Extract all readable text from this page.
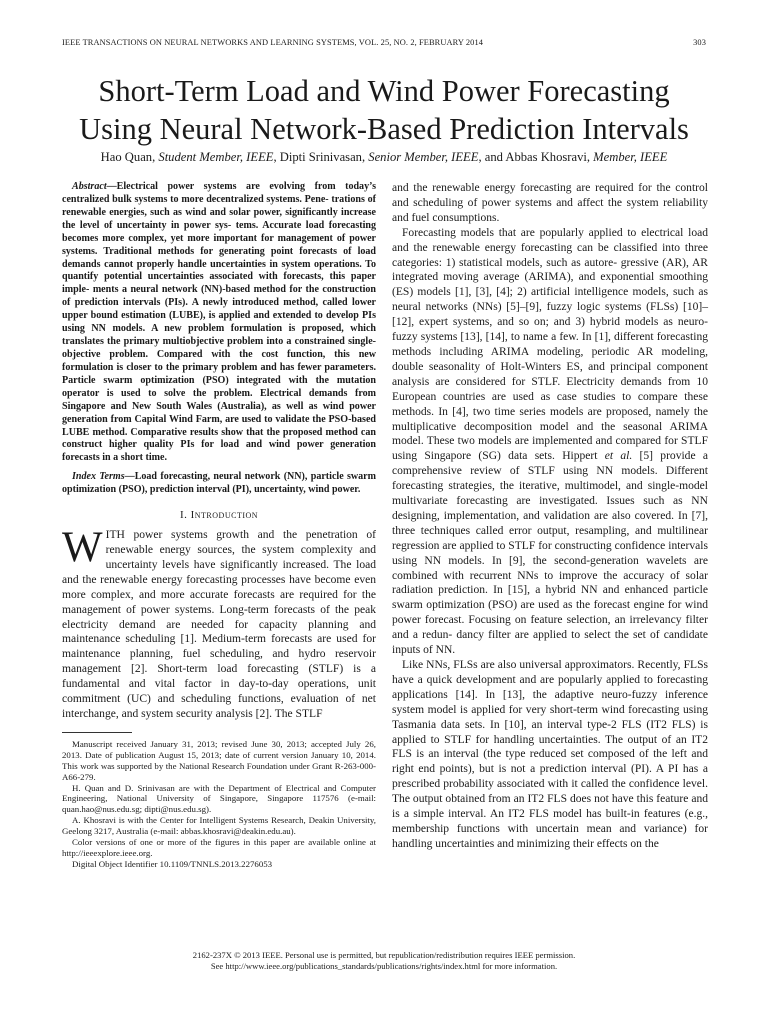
IEEE TRANSACTIONS ON NEURAL NETWORKS AND LEARNING SYSTEMS, VOL. 25, NO. 2, FEBRUARY 2014	303
Short-Term Load and Wind Power Forecasting
Using Neural Network-Based Prediction Intervals
Hao Quan, Student Member, IEEE, Dipti Srinivasan, Senior Member, IEEE, and Abbas Khosravi, Member, IEEE

Abstract—Electrical power systems are evolving from today’s centralized bulk systems to more decentralized systems. Pene- trations of renewable energies, such as wind and solar power, significantly increase the level of uncertainty in power sys- tems. Accurate load forecasting becomes more complex, yet more important for management of power systems. Traditional methods for generating point forecasts of load demands cannot properly handle uncertainties in system operations. To quantify potential uncertainties associated with forecasts, this paper imple- ments a neural network (NN)-based method for the construction of prediction intervals (PIs). A newly introduced method, called lower upper bound estimation (LUBE), is applied and extended to develop PIs using NN models. A new problem formulation is proposed, which translates the primary multiobjective problem into a constrained single-objective problem. Compared with the cost function, this new formulation is closer to the primary problem and has fewer parameters. Particle swarm optimization (PSO) integrated with the mutation operator is used to solve the problem. Electrical demands from Singapore and New South Wales (Australia), as well as wind power generation from Capital Wind Farm, are used to validate the PSO-based LUBE method. Comparative results show that the proposed method can construct higher quality PIs for load and wind power generation forecasts in a short time.

Index Terms—Load forecasting, neural network (NN), particle swarm optimization (PSO), prediction interval (PI), uncertainty, wind power.

I. Introduction

WITH power systems growth and the penetration of renewable energy sources, the system complexity and uncertainty levels have significantly increased. The load and the renewable energy forecasting processes have become even more complex, and more accurate forecasts are required for the management of power systems. Long-term forecasts of the peak electricity demand are needed for capacity planning and maintenance scheduling [1]. Medium-term forecasts are used for maintenance planning, fuel scheduling, and hydro reservoir management [2]. Short-term load forecasting (STLF) is a fundamental and vital factor in day-to-day operations, unit commitment (UC) and scheduling functions, evaluation of net interchange, and system security analysis [2]. The STLF

Manuscript received January 31, 2013; revised June 30, 2013; accepted July 26, 2013. Date of publication August 15, 2013; date of current version January 10, 2014. This work was supported by the National Research Foundation under Grant R-263-000-A66-279.

H. Quan and D. Srinivasan are with the Department of Electrical and Computer Engineering, National University of Singapore, Singapore 117576 (e-mail: quan.hao@nus.edu.sg; dipti@nus.edu.sg).

A. Khosravi is with the Center for Intelligent Systems Research, Deakin University, Geelong 3217, Australia (e-mail: abbas.khosravi@deakin.edu.au).

Color versions of one or more of the figures in this paper are available online at http://ieeexplore.ieee.org.

Digital Object Identifier 10.1109/TNNLS.2013.2276053

and the renewable energy forecasting are required for the control and scheduling of power systems and affect the system reliability and fuel consumptions.

Forecasting models that are popularly applied to electrical load and the renewable energy forecasting can be classified into three categories: 1) statistical models, such as autore- gressive (AR), AR integrated moving average (ARIMA), and exponential smoothing (ES) models [1], [3], [4]; 2) artificial intelligence models, such as neural networks (NNs) [5]–[9], fuzzy logic systems (FLSs) [10]–[12], expert systems, and so on; and 3) hybrid models as neuro-fuzzy systems [13], [14], to name a few. In [1], different forecasting methods including ARIMA modeling, periodic AR modeling, double seasonality of Holt-Winters ES, and principal component analysis are considered for STLF. Electricity demands from 10 European countries are used as case studies to compare these methods. In [4], two time series models are proposed, namely the multiplicative decomposition model and the seasonal ARIMA model. These two models are implemented and compared for STLF using Singapore (SG) data sets. Hippert et al. [5] provide a comprehensive review of STLF using NN models. Different forecasting strategies, the iterative, multimodel, and single-model multivariate forecasting are investigated. Issues such as NN designing, implementation, and validation are also covered. In [7], three techniques called error output, resampling, and multilinear regression are applied to STLF for constructing confidence intervals using NN models. In [9], the second-generation wavelets are combined with recurrent NNs to improve the accuracy of solar radiation prediction. In [15], a hybrid NN and enhanced particle swarm optimization (PSO) are used as the forecast engine for wind power forecast. Focusing on feature selection, an irrelevancy filter and a redun- dancy filter are applied to select the set of candidate inputs of NN.

Like NNs, FLSs are also universal approximators. Recently, FLSs have a quick development and are popularly applied to forecasting applications [14]. In [13], the adaptive neuro-fuzzy inference system model is applied for very short-term wind forecasting using Tasmania data sets. In [10], an interval type-2 FLS (IT2 FLS) is applied to STLF for handling uncertainties. The output of an IT2 FLS is an interval (the type reduced set composed of the left and right end points), but is not a prediction interval (PI). A PI has a prescribed probability associated with it called the confidence level. The output obtained from an IT2 FLS does not have this feature and is a simple interval. An IT2 FLS model has built-in features (e.g., membership functions with uncertain mean and variance) for handling uncertainties and minimizing their effects on the

2162-237X © 2013 IEEE. Personal use is permitted, but republication/redistribution requires IEEE permission.
See http://www.ieee.org/publications_standards/publications/rights/index.html for more information.
